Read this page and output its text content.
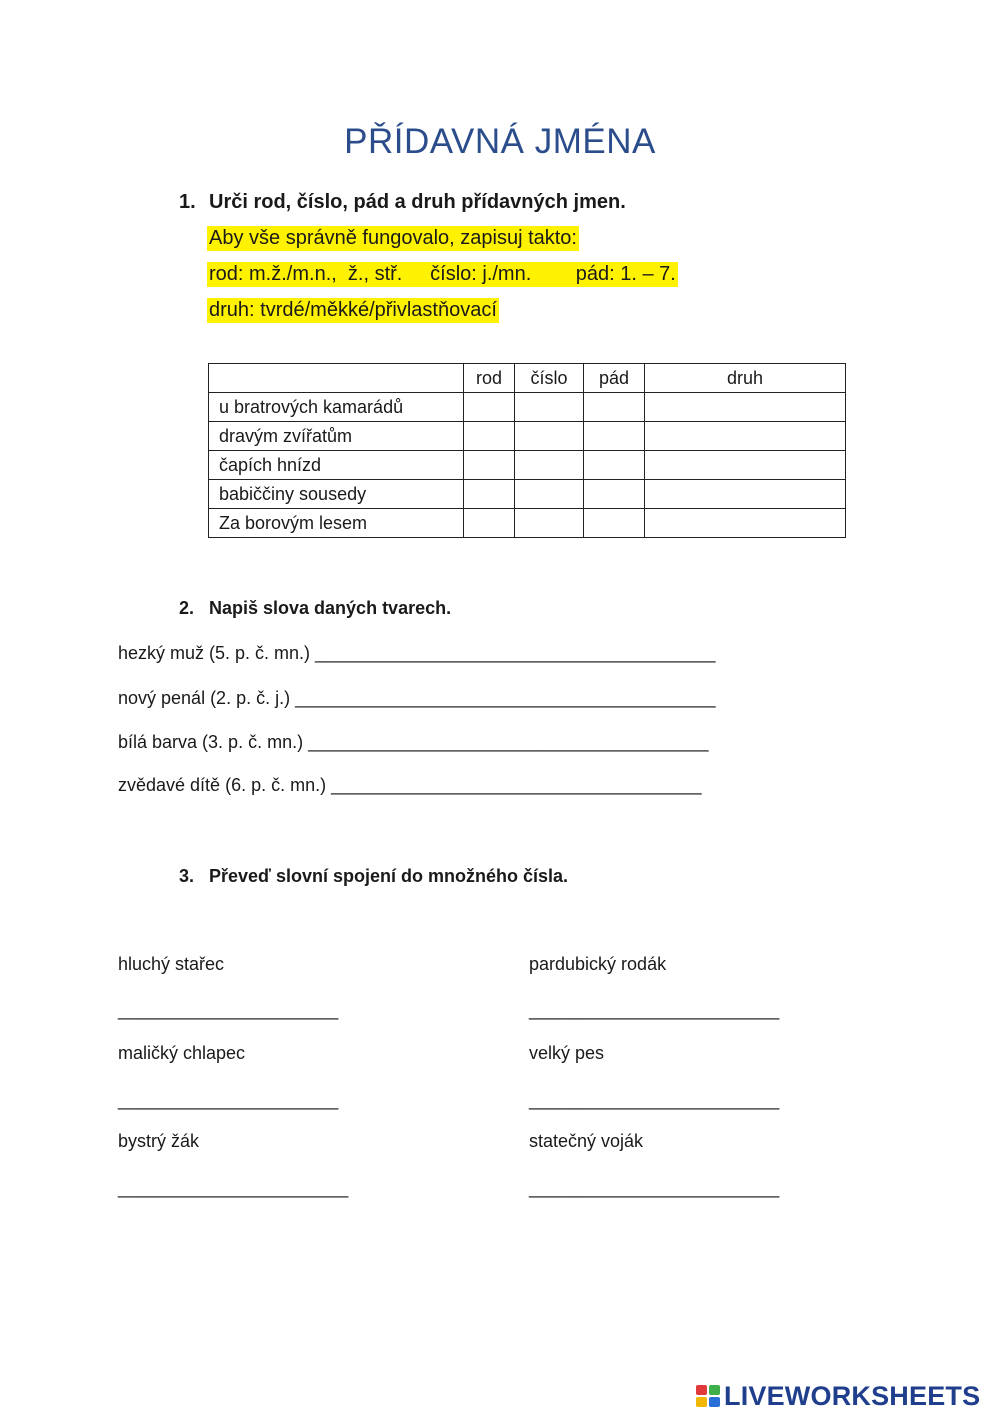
PŘÍDAVNÁ JMÉNA
1. Urči rod, číslo, pád a druh přídavných jmen.
Aby vše správně fungovalo, zapisuj takto:
rod: m.ž./m.n.,  ž., stř.     číslo: j./mn.        pád: 1. – 7.
druh: tvrdé/měkké/přivlastňovací
	rod	číslo	pád	druh
u bratrových kamarádů				
dravým zvířatům				
čapích hnízd				
babiččiny sousedy				
Za borovým lesem				
2. Napiš slova daných tvarech.
hezký muž (5. p. č. mn.) ________________________________________
nový penál (2. p. č. j.) __________________________________________
bílá barva (3. p. č. mn.) ________________________________________
zvědavé dítě (6. p. č. mn.) _____________________________________
3. Převeď slovní spojení do množného čísla.
hluchý stařec
______________________
maličký chlapec
______________________
bystrý žák
_______________________
pardubický rodák
_________________________
velký pes
_________________________
statečný voják
_________________________
LIVEWORKSHEETS
